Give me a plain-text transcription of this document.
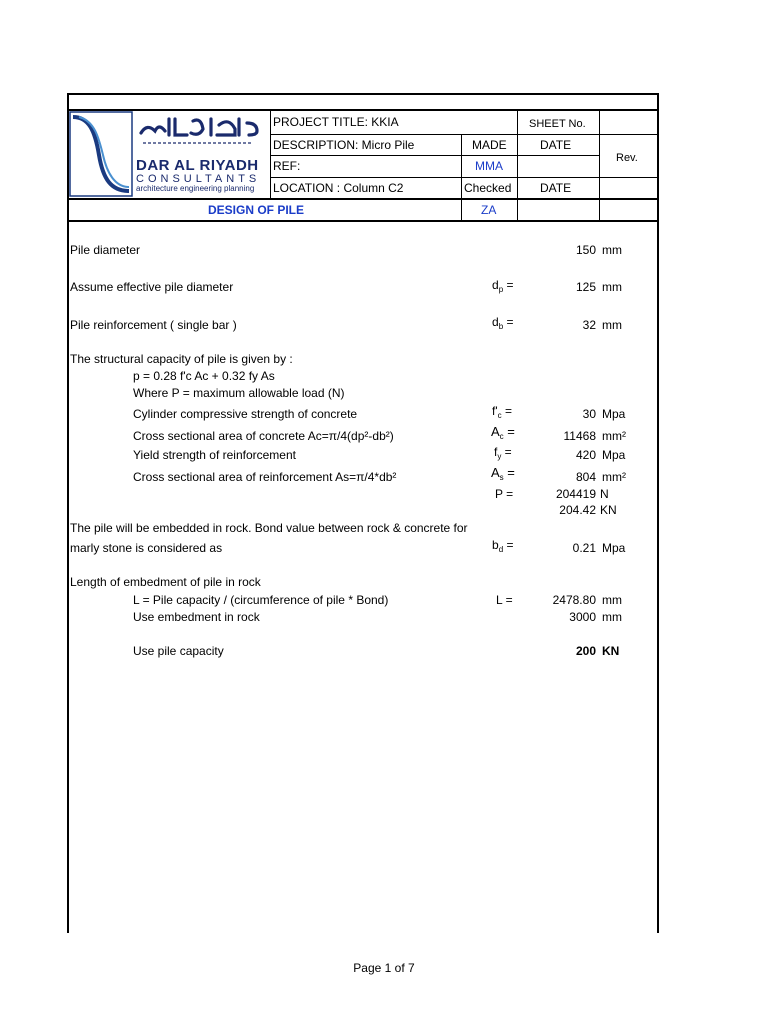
DAR AL RIYADH
CONSULTANTS
architecture engineering planning
PROJECT TITLE: KKIA	SHEET No.
DESCRIPTION: Micro Pile	MADE	DATE
Rev.
REF:	MMA
LOCATION : Column C2	Checked DATE
DESIGN OF PILE	ZA
Pile diameter	150 mm
Assume effective pile diameter	$d_p$ =	125 mm
Pile reinforcement ( single bar )	$d_b$ =	32 mm
The structural capacity of pile is given by :
p = 0.28 f'c Ac + 0.32 fy As
Where P = maximum allowable load (N)
Cylinder compressive strength of concrete	$f'_c$ =	30 Mpa
Cross sectional area of concrete Ac=π/4(dp²-db²)	$A_c$ =	11468 mm²
Yield strength of reinforcement	$f_y$ =	420 Mpa
Cross sectional area of reinforcement As=π/4*db²	$A_s$ =	804 mm²
P =	204419 N
204.42 KN
The pile will be embedded in rock. Bond value between rock & concrete for
marly stone is considered as	$b_d$ =	0.21 Mpa
Length of embedment of pile in rock
L = Pile capacity / (circumference of pile * Bond)	L =	2478.80 mm
Use embedment in rock	3000 mm
Use pile capacity	200 KN
Page 1 of 7
